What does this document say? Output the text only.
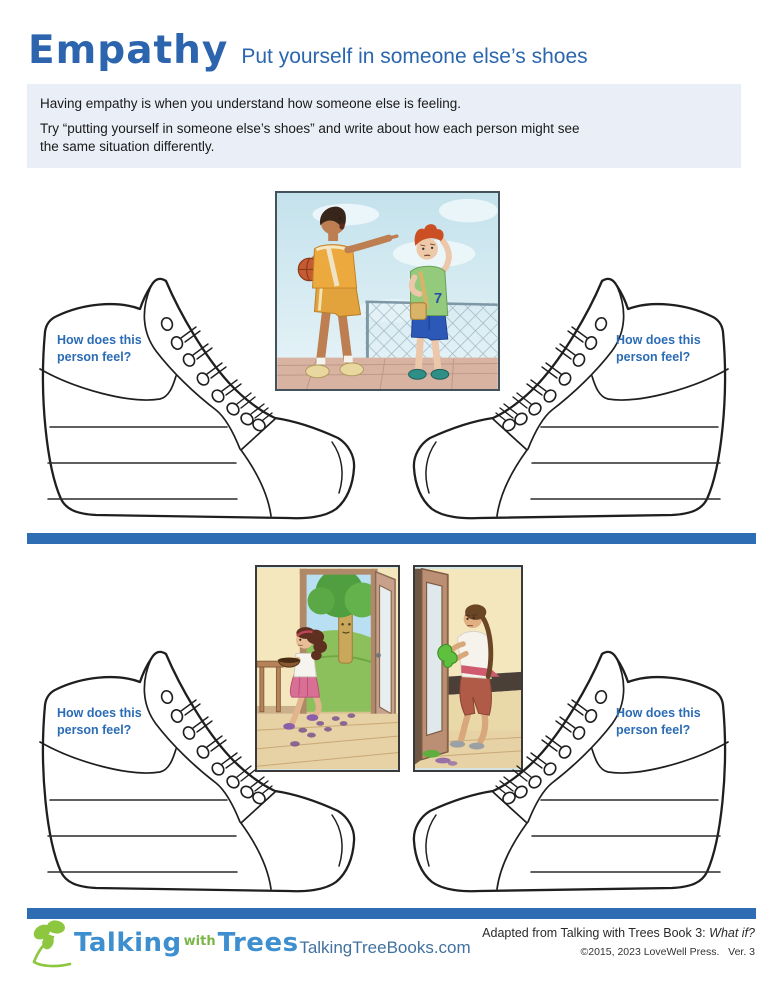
Empathy Put yourself in someone else’s shoes

Having empathy is when you understand how someone else is feeling.

Try “putting yourself in someone else’s shoes” and write about how each person might see the same situation differently.

7
How does this person feel?
How does this person feel?
How does this person feel?
How does this person feel?
Talking with Trees TalkingTreeBooks.com
Adapted from Talking with Trees Book 3: What if?
©2015, 2023 LoveWell Press.   Ver. 3
